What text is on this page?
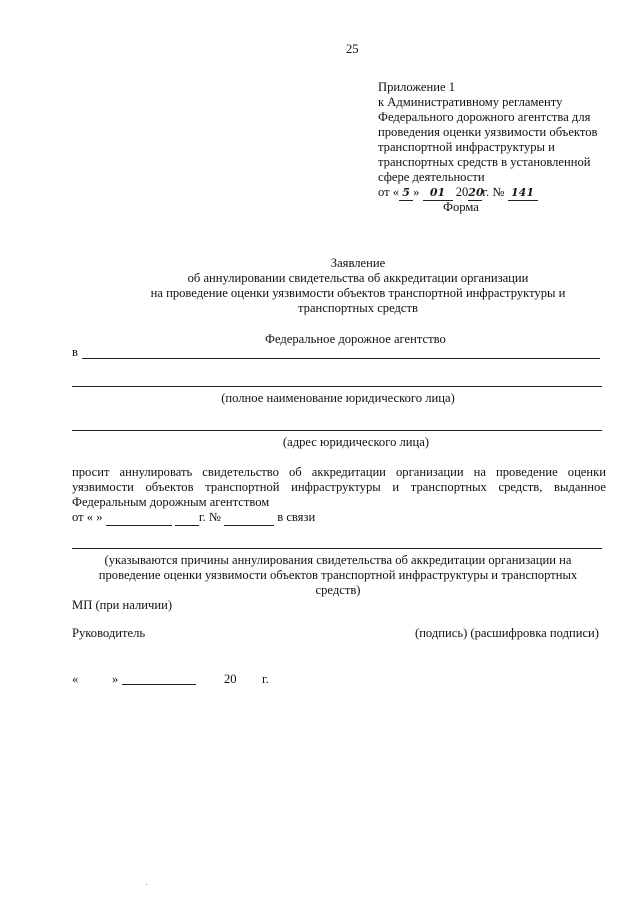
25
Приложение 1
к Административному регламенту
Федерального дорожного агентства для
проведения оценки уязвимости объектов
транспортной инфраструктуры и
транспортных средств в установленной
сфере деятельности
от « 5 » 01 2020г. № 141
Форма
Заявление
об аннулировании свидетельства об аккредитации организации
на проведение оценки уязвимости объектов транспортной инфраструктуры и
транспортных средств
Федеральное дорожное агентство
в
(полное наименование юридического лица)
(адрес юридического лица)
просит аннулировать свидетельство об аккредитации организации на проведение оценки
уязвимости объектов транспортной инфраструктуры и транспортных средств, выданное
Федеральным дорожным агентством
от « »	г. №	в связи
(указываются причины аннулирования свидетельства об аккредитации организации на
проведение оценки уязвимости объектов транспортной инфраструктуры и транспортных
средств)
МП (при наличии)
Руководитель	(подпись) (расшифровка подписи)
«	»	20 г.
